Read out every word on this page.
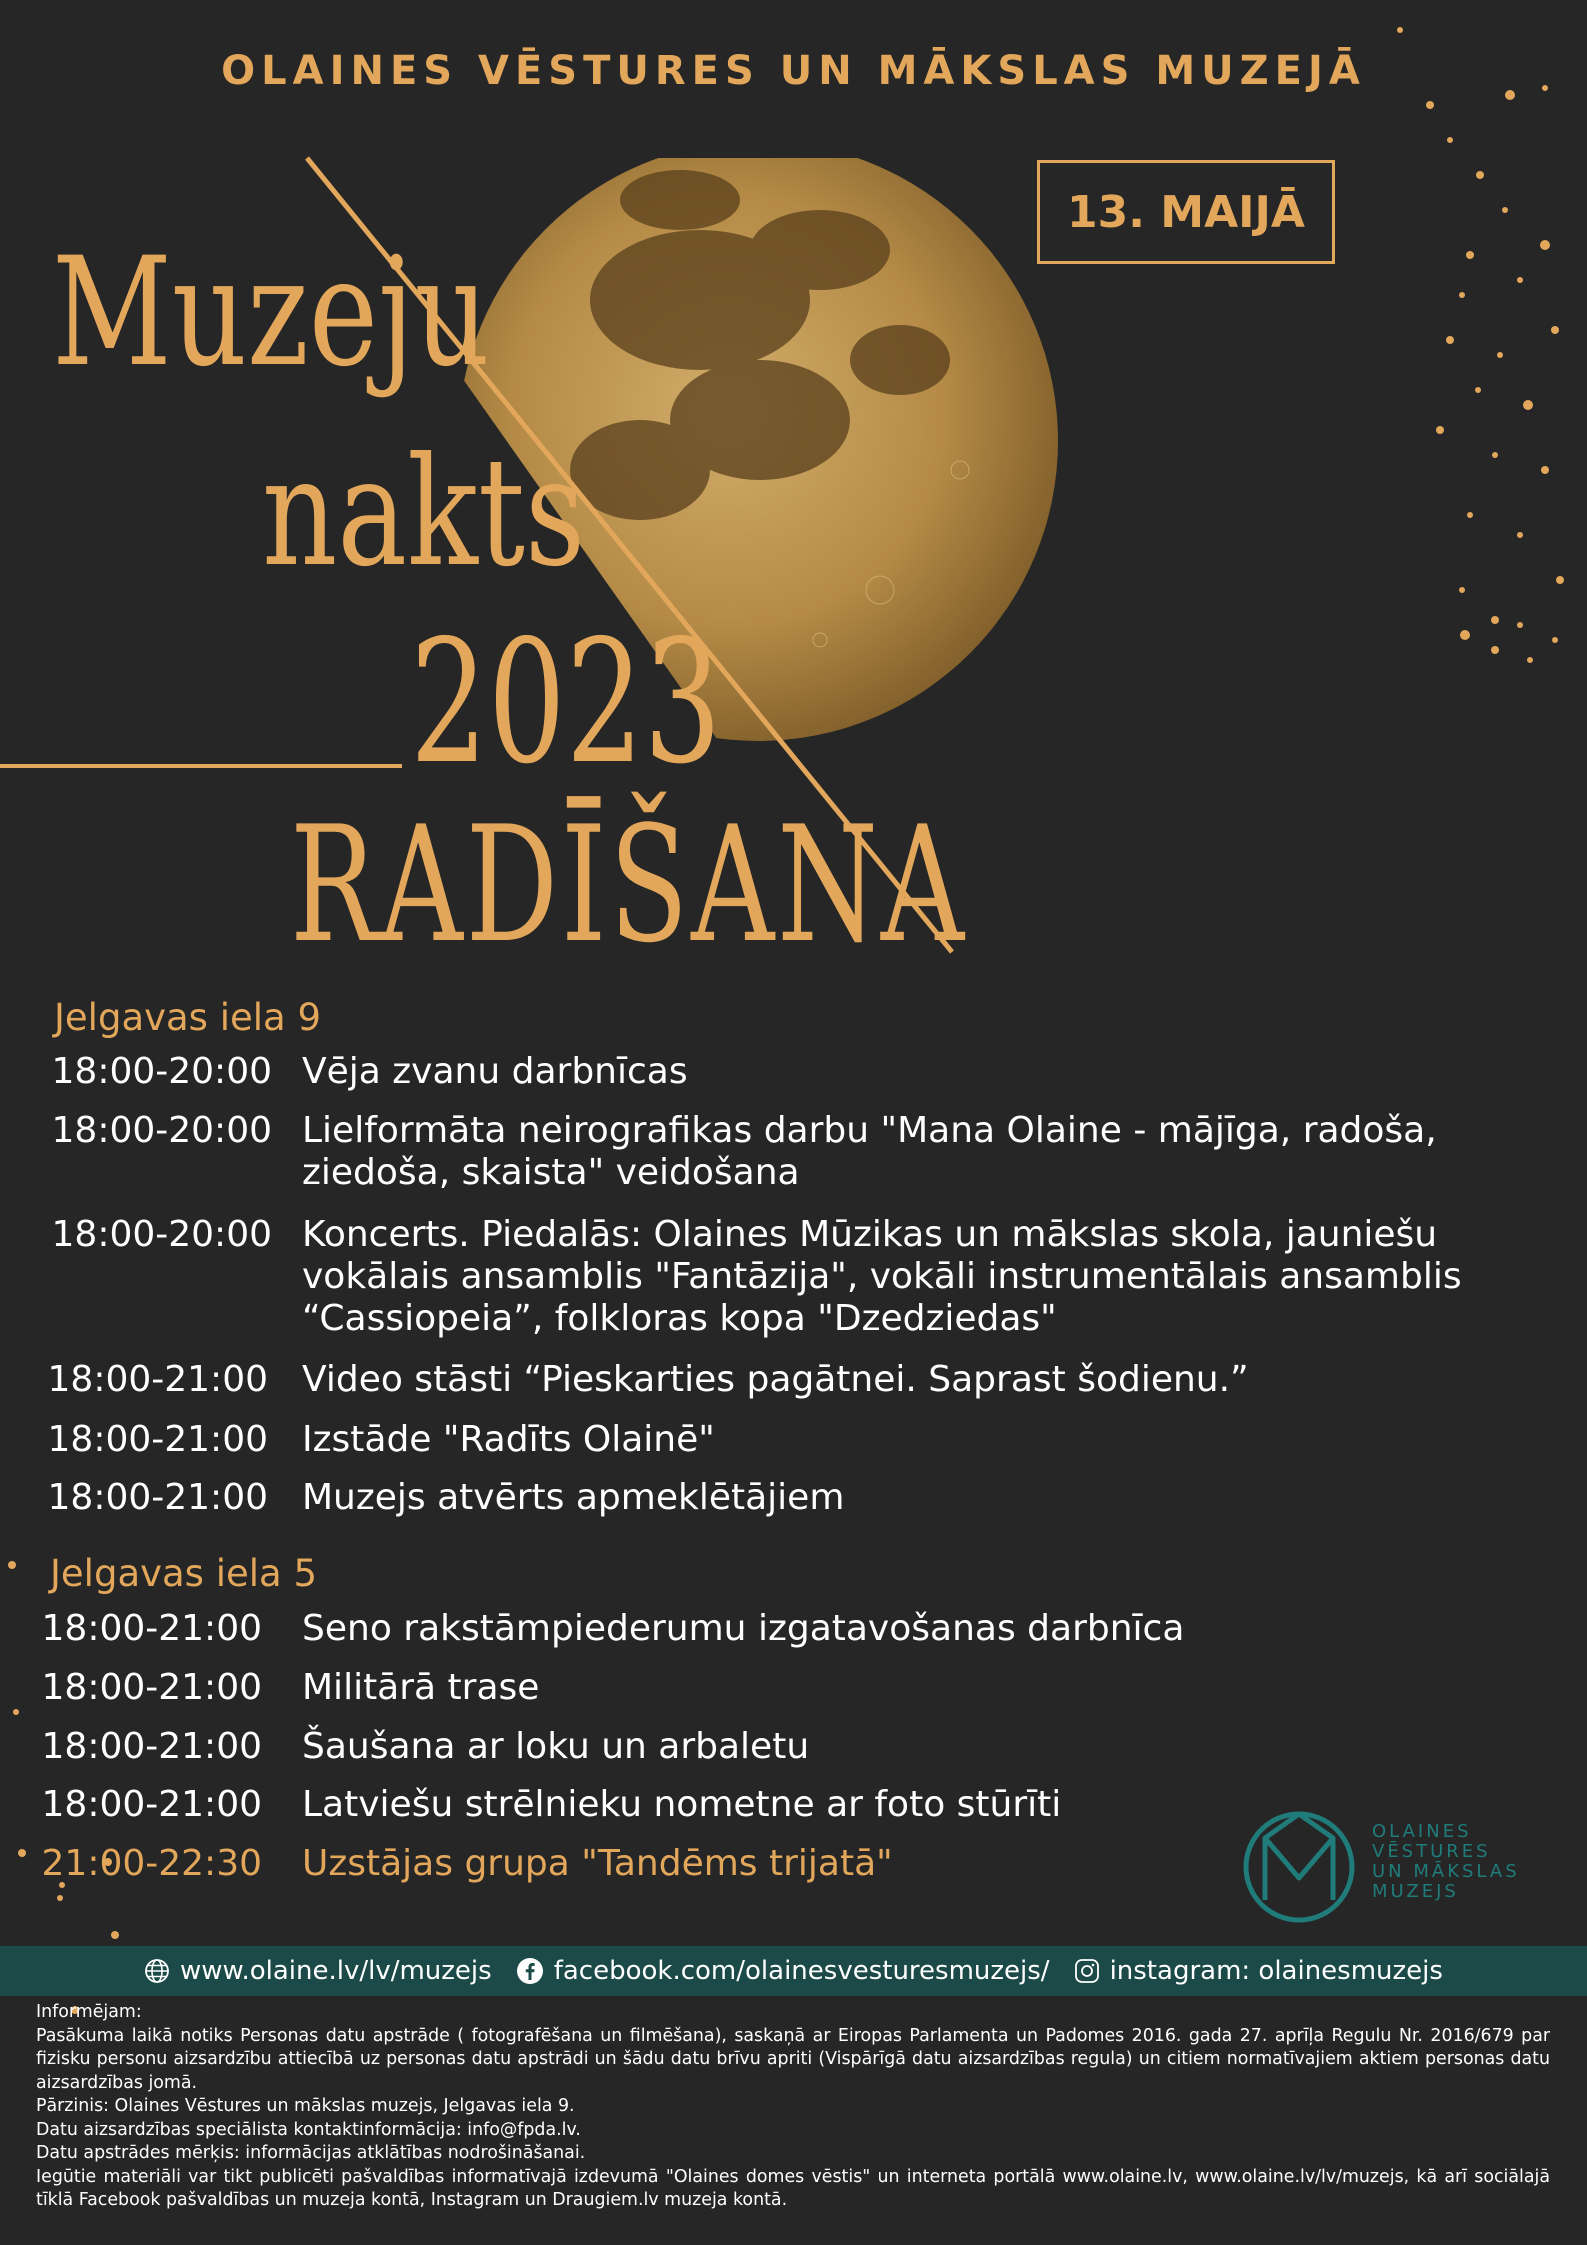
OLAINES VĒSTURES UN MĀKSLAS MUZEJĀ
13. MAIJĀ
Muzeju
nakts
2023
RADĪŠANA
Jelgavas iela 9
18:00-20:00 Vēja zvanu darbnīcas
18:00-20:00 Lielformāta neirografikas darbu "Mana Olaine - mājīga, radoša, ziedoša, skaista" veidošana
18:00-20:00 Koncerts. Piedalās: Olaines Mūzikas un mākslas skola, jauniešu vokālais ansamblis "Fantāzija", vokāli instrumentālais ansamblis “Cassiopeia”, folkloras kopa "Dzedziedas"
18:00-21:00 Video stāsti “Pieskarties pagātnei. Saprast šodienu.”
18:00-21:00 Izstāde "Radīts Olainē"
18:00-21:00 Muzejs atvērts apmeklētājiem
Jelgavas iela 5
18:00-21:00 Seno rakstāmpiederumu izgatavošanas darbnīca
18:00-21:00 Militārā trase
18:00-21:00 Šaušana ar loku un arbaletu
18:00-21:00 Latviešu strēlnieku nometne ar foto stūrīti
21:00-22:30 Uzstājas grupa "Tandēms trijatā"
OLAINES
VĒSTURES
UN MĀKSLAS
MUZEJS
www.olaine.lv/lv/muzejs facebook.com/olainesvesturesmuzejs/ instagram: olainesmuzejs

Informējam:

Pasākuma laikā notiks Personas datu apstrāde ( fotografēšana un filmēšana), saskaņā ar Eiropas Parlamenta un Padomes 2016. gada 27. aprīļa Regulu Nr. 2016/679 par fizisku personu aizsardzību attiecībā uz personas datu apstrādi un šādu datu brīvu apriti (Vispārīgā datu aizsardzības regula) un citiem normatīvajiem aktiem personas datu aizsardzības jomā.

Pārzinis: Olaines Vēstures un mākslas muzejs, Jelgavas iela 9.

Datu aizsardzības speciālista kontaktinformācija: info@fpda.lv.

Datu apstrādes mērķis: informācijas atklātības nodrošināšanai.

Iegūtie materiāli var tikt publicēti pašvaldības informatīvajā izdevumā "Olaines domes vēstis" un interneta portālā www.olaine.lv, www.olaine.lv/lv/muzejs, kā arī sociālajā tīklā Facebook pašvaldības un muzeja kontā, Instagram un Draugiem.lv muzeja kontā.
